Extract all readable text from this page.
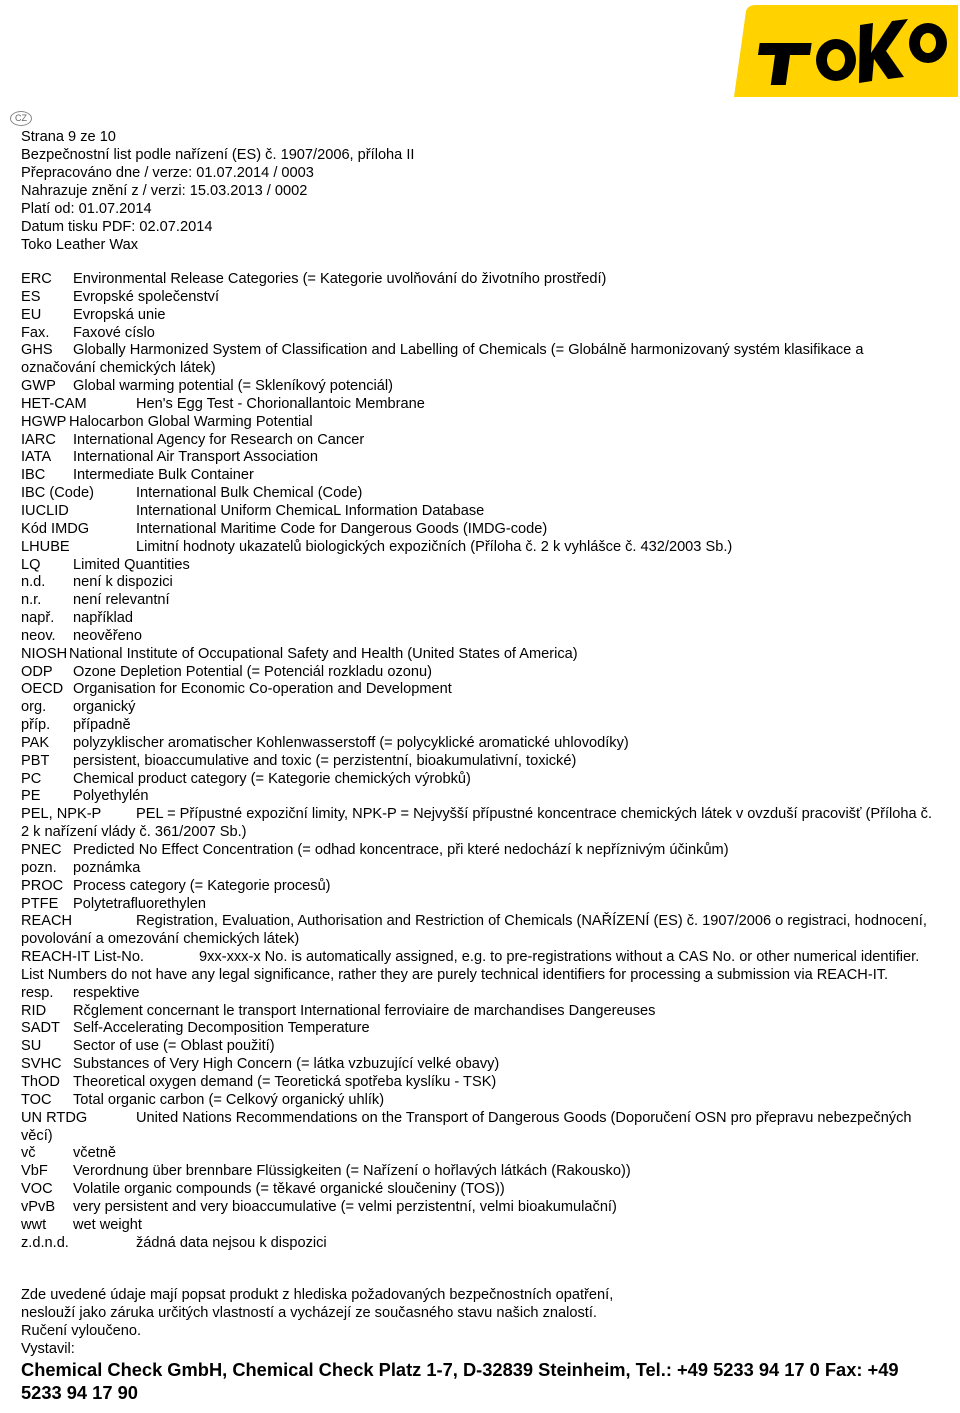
CZ
Strana 9 ze 10
Bezpečnostní list podle nařízení (ES) č. 1907/2006, příloha II
Přepracováno dne / verze: 01.07.2014 / 0003
Nahrazuje znění z / verzi: 15.03.2013 / 0002
Platí od: 01.07.2014
Datum tisku PDF: 02.07.2014
Toko Leather Wax
ERC	Environmental Release Categories (= Kategorie uvolňování do životního prostředí)
ES	Evropské společenství
EU	Evropská unie
Fax.	Faxové císlo
GHS	Globally Harmonized System of Classification and Labelling of Chemicals (= Globálně harmonizovaný systém klasifikace a označování chemických látek)
GWP	Global warming potential (= Skleníkový potenciál)
HET-CAM	Hen's Egg Test - Chorionallantoic Membrane
HGWP Halocarbon Global Warming Potential
IARC	International Agency for Research on Cancer
IATA	International Air Transport Association
IBC	Intermediate Bulk Container
IBC (Code)	International Bulk Chemical (Code)
IUCLID	International Uniform ChemicaL Information Database
Kód IMDG	International Maritime Code for Dangerous Goods (IMDG-code)
LHUBE	Limitní hodnoty ukazatelů biologických expozičních (Příloha č. 2 k vyhlášce č. 432/2003 Sb.)
LQ	Limited Quantities
n.d.	není k dispozici
n.r.	není relevantní
např.	například
neov.	neověřeno
NIOSH National Institute of Occupational Safety and Health (United States of America)
ODP	Ozone Depletion Potential (= Potenciál rozkladu ozonu)
OECD Organisation for Economic Co-operation and Development
org.	organický
příp.	případně
PAK	polyzyklischer aromatischer Kohlenwasserstoff (= polycyklické aromatické uhlovodíky)
PBT	persistent, bioaccumulative and toxic (= perzistentní, bioakumulativní, toxické)
PC	Chemical product category (= Kategorie chemických výrobků)
PE	Polyethylén
PEL, NPK-P	PEL = Přípustné expoziční limity, NPK-P = Nejvyšší přípustné koncentrace chemických látek v ovzduší pracovišť (Příloha č. 2 k nařízení vlády č. 361/2007 Sb.)
PNEC Predicted No Effect Concentration (= odhad koncentrace, při které nedochází k nepříznivým účinkům)
pozn.	poznámka
PROC Process category (= Kategorie procesů)
PTFE	Polytetrafluorethylen
REACH	Registration, Evaluation, Authorisation and Restriction of Chemicals (NAŘÍZENÍ (ES) č. 1907/2006 o registraci, hodnocení, povolování a omezování chemických látek)
REACH-IT List-No.	9xx-xxx-x No. is automatically assigned, e.g. to pre-registrations without a CAS No. or other numerical identifier. List Numbers do not have any legal significance, rather they are purely technical identifiers for processing a submission via REACH-IT.
resp.	respektive
RID	Rčglement concernant le transport International ferroviaire de marchandises Dangereuses
SADT Self-Accelerating Decomposition Temperature
SU	Sector of use (= Oblast použití)
SVHC Substances of Very High Concern (= látka vzbuzující velké obavy)
ThOD Theoretical oxygen demand (= Teoretická spotřeba kyslíku - TSK)
TOC	Total organic carbon (= Celkový organický uhlík)
UN RTDG	United Nations Recommendations on the Transport of Dangerous Goods (Doporučení OSN pro přepravu nebezpečných věcí)
vč	včetně
VbF	Verordnung über brennbare Flüssigkeiten (= Nařízení o hořlavých látkách (Rakousko))
VOC	Volatile organic compounds (= těkavé organické sloučeniny (TOS))
vPvB	very persistent and very bioaccumulative (= velmi perzistentní, velmi bioakumulační)
wwt	wet weight
z.d.n.d.	žádná data nejsou k dispozici
Zde uvedené údaje mají popsat produkt z hlediska požadovaných bezpečnostních opatření,
neslouží jako záruka určitých vlastností a vycházejí ze současného stavu našich znalostí.
Ručení vyloučeno.
Vystavil:
Chemical Check GmbH, Chemical Check Platz 1-7, D-32839 Steinheim, Tel.: +49 5233 94 17 0 Fax: +49 5233 94 17 90
